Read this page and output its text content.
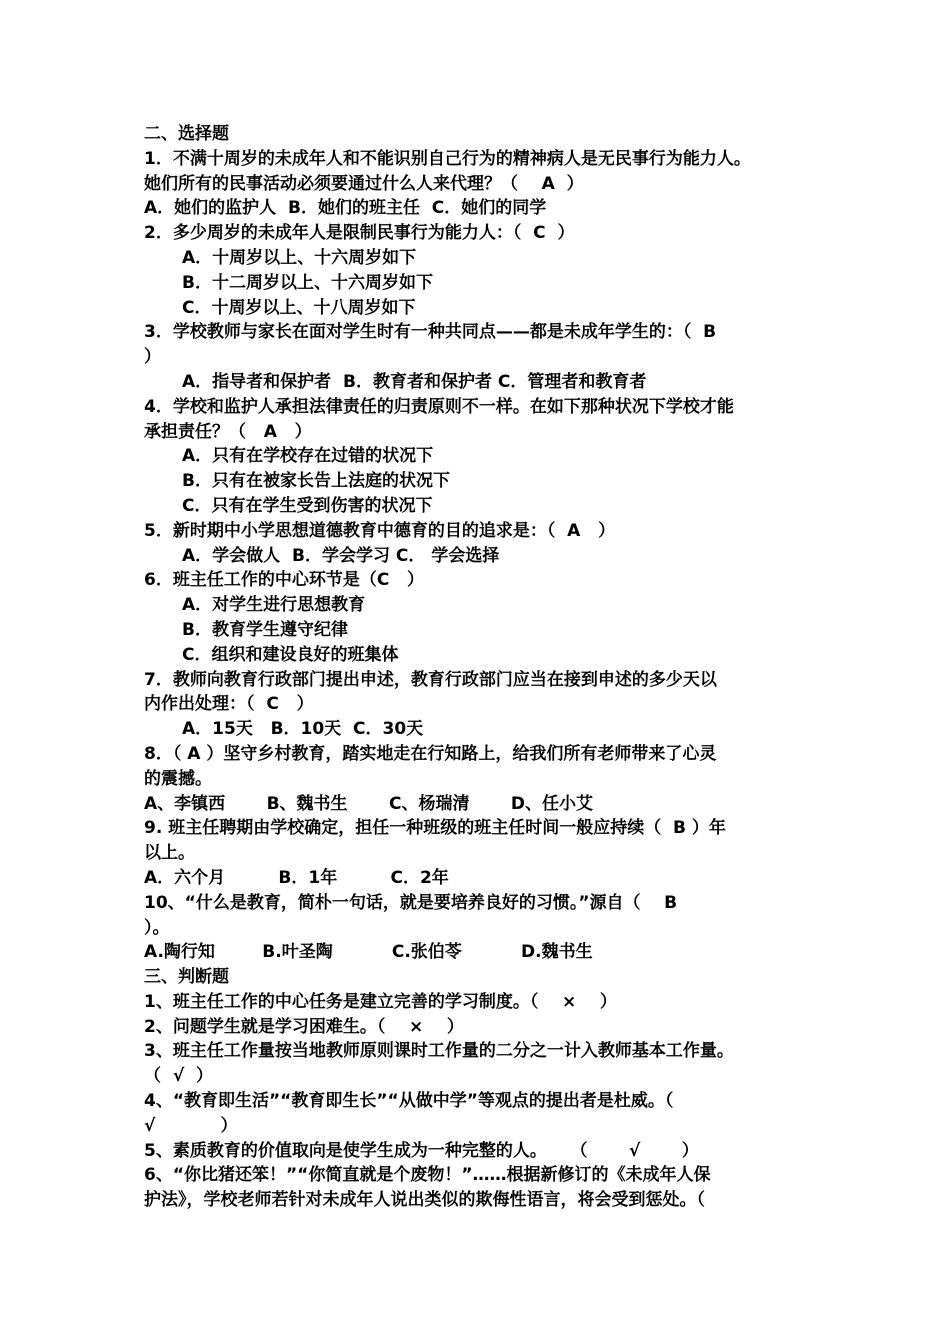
二、选择题
1．不满十周岁的未成年人和不能识别自己行为的精神病人是无民事行为能力人。
她们所有的民事活动必须要通过什么人来代理？（    A  ）
A．她们的监护人  B．她们的班主任  C．她们的同学
2．多少周岁的未成年人是限制民事行为能力人：（  C  ）
A．十周岁以上、十六周岁如下
B．十二周岁以上、十六周岁如下
C．十周岁以上、十八周岁如下
3．学校教师与家长在面对学生时有一种共同点——都是未成年学生的：（  B
）
A．指导者和保护者  B．教育者和保护者 C．管理者和教育者
4．学校和监护人承担法律责任的归责原则不一样。在如下那种状况下学校才能
承担责任？（   A   ）
A．只有在学校存在过错的状况下
B．只有在被家长告上法庭的状况下
C．只有在学生受到伤害的状况下
5．新时期中小学思想道德教育中德育的目的追求是：（  A   ）
A．学会做人  B．学会学习 C． 学会选择
6．班主任工作的中心环节是（C   ）
A．对学生进行思想教育
B．教育学生遵守纪律
C．组织和建设良好的班集体
7．教师向教育行政部门提出申述，教育行政部门应当在接到申述的多少天以
内作出处理：（  C   ）
A．15天   B．10天  C．30天
8．（ A ）坚守乡村教育，踏实地走在行知路上，给我们所有老师带来了心灵
的震撼。
A、李镇西       B、魏书生       C、杨瑞清       D、任小艾
9. 班主任聘期由学校确定，担任一种班级的班主任时间一般应持续（  B ）年
以上。
A．六个月         B．1年         C．2年
10、“什么是教育，简朴一句话，就是要培养良好的习惯。”源自（    B
）。
A.陶行知        B.叶圣陶          C.张伯苓          D.魏书生
三、判断题
1、班主任工作的中心任务是建立完善的学习制度。（    ×    ）
2、问题学生就是学习困难生。（    ×    ）
3、班主任工作量按当地教师原则课时工作量的二分之一计入教师基本工作量。
（  √  ）
4、“教育即生活”“教育即生长”“从做中学”等观点的提出者是杜威。（
√           ）
5、素质教育的价值取向是使学生成为一种完整的人。    （       √       ）
6、“你比猪还笨！”“你简直就是个废物！”……根据新修订的《未成年人保
护法》，学校老师若针对未成年人说出类似的欺侮性语言，将会受到惩处。（
